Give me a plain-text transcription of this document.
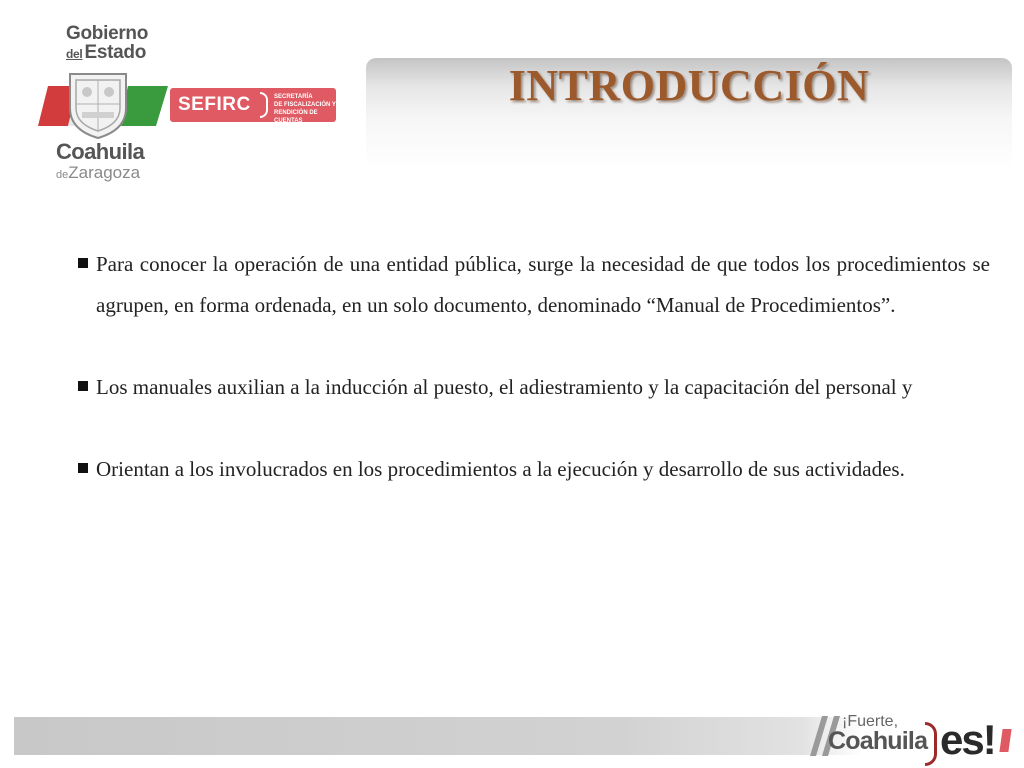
Gobierno
del Estado
Coahuila
deZaragoza
SEFIRC	SECRETARÍA
DE FISCALIZACIÓN Y
RENDICIÓN DE CUENTAS
INTRODUCCIÓN

Para conocer la operación de una entidad pública, surge la necesidad de que todos los procedimientos se agrupen, en forma ordenada, en un solo documento, denominado “Manual de Procedimientos”.

Los manuales auxilian a la inducción al puesto, el adiestramiento y la capacitación del personal y

Orientan a los involucrados en los procedimientos a la ejecución y desarrollo de sus actividades.

¡Fuerte,
Coahuila es!
